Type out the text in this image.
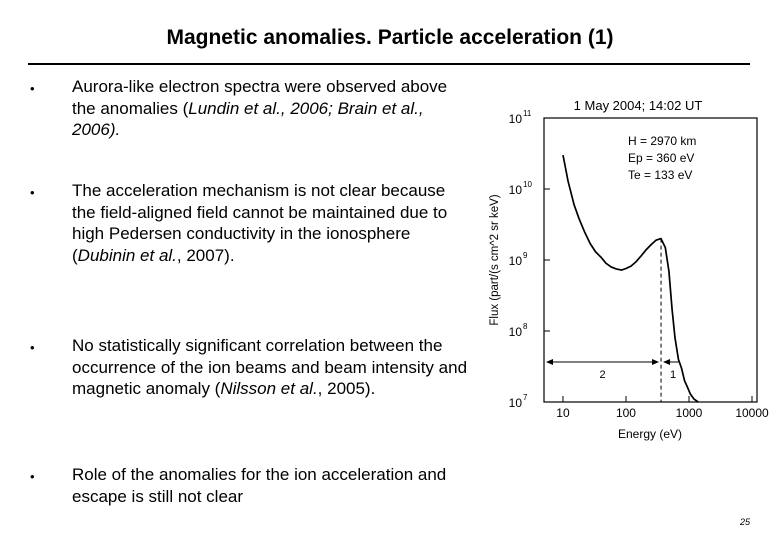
Magnetic anomalies. Particle acceleration (1)
• Aurora-like electron spectra were observed above the anomalies (Lundin et al., 2006; Brain et al., 2006).
• The acceleration mechanism is not clear because the field-aligned field cannot be maintained due to high Pedersen conductivity in the ionosphere (Dubinin et al., 2007).
• No statistically significant correlation between the occurrence of the ion beams and beam intensity and magnetic anomaly (Nilsson et al., 2005).
• Role of the anomalies for the ion acceleration and escape is still not clear
1 May 2004; 14:02 UT
10 7
10 8
10 9
10 10
10 11
10	100	1000	10000
H = 2970 km
Ep = 360 eV
Te = 133 eV
2	1
Flux (part/(s cm^2 sr keV)
Energy (eV)
25
